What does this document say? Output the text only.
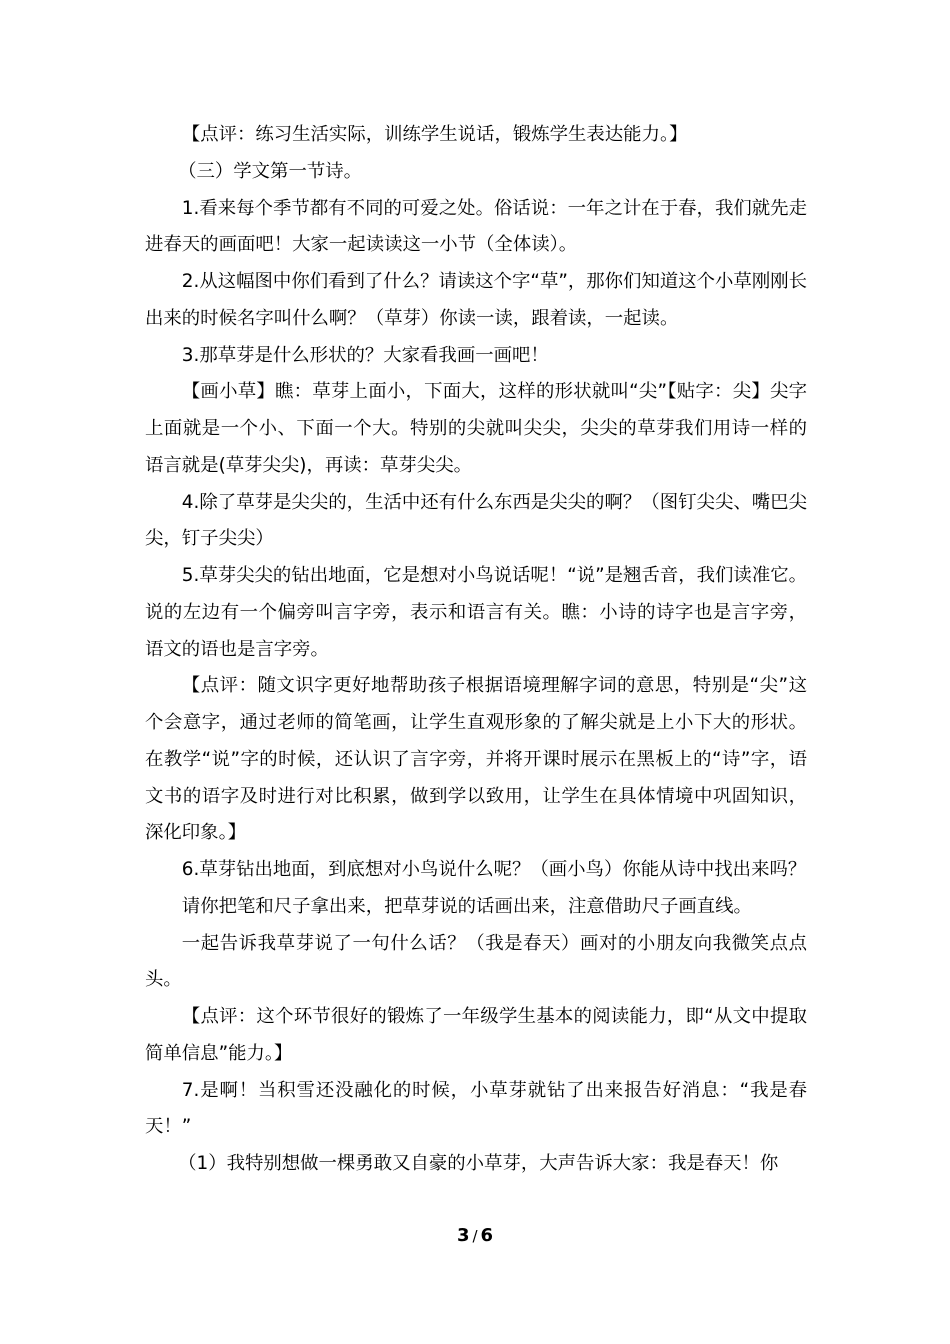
【点评：练习生活实际，训练学生说话，锻炼学生表达能力。】

（三）学文第一节诗。

1.看来每个季节都有不同的可爱之处。俗话说：一年之计在于春，我们就先走进春天的画面吧！大家一起读读这一小节（全体读）。

2.从这幅图中你们看到了什么？请读这个字“草”，那你们知道这个小草刚刚长出来的时候名字叫什么啊？（草芽）你读一读，跟着读，一起读。

3.那草芽是什么形状的？大家看我画一画吧！

【画小草】瞧：草芽上面小，下面大，这样的形状就叫“尖”【贴字：尖】尖字上面就是一个小、下面一个大。特别的尖就叫尖尖，尖尖的草芽我们用诗一样的语言就是(草芽尖尖)，再读：草芽尖尖。

4.除了草芽是尖尖的，生活中还有什么东西是尖尖的啊？（图钉尖尖、嘴巴尖尖，钉子尖尖）

5.草芽尖尖的钻出地面，它是想对小鸟说话呢！“说”是翘舌音，我们读准它。说的左边有一个偏旁叫言字旁，表示和语言有关。瞧：小诗的诗字也是言字旁，语文的语也是言字旁。

【点评：随文识字更好地帮助孩子根据语境理解字词的意思，特别是“尖”这个会意字，通过老师的简笔画，让学生直观形象的了解尖就是上小下大的形状。在教学“说”字的时候，还认识了言字旁，并将开课时展示在黑板上的“诗”字，语文书的语字及时进行对比积累，做到学以致用，让学生在具体情境中巩固知识，深化印象。】

6.草芽钻出地面，到底想对小鸟说什么呢？（画小鸟）你能从诗中找出来吗？

请你把笔和尺子拿出来，把草芽说的话画出来，注意借助尺子画直线。

一起告诉我草芽说了一句什么话？（我是春天）画对的小朋友向我微笑点点头。

【点评：这个环节很好的锻炼了一年级学生基本的阅读能力，即“从文中提取简单信息”能力。】

7.是啊！当积雪还没融化的时候，小草芽就钻了出来报告好消息：“我是春天！”

（1）我特别想做一棵勇敢又自豪的小草芽，大声告诉大家：我是春天！你

3 / 6
